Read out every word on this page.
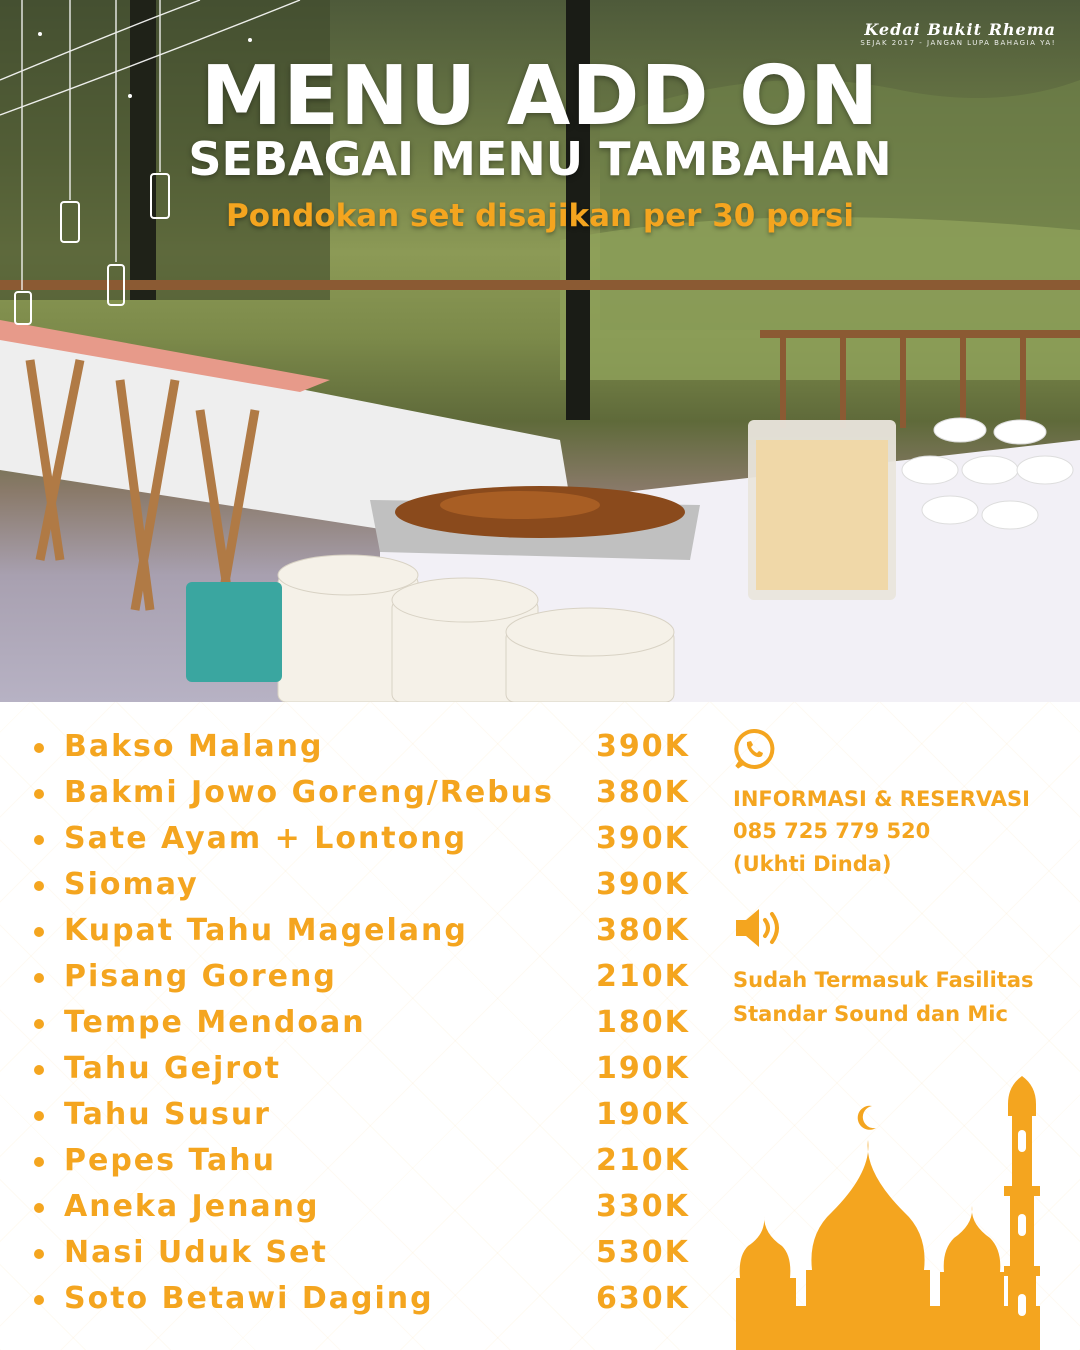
Kedai Bukit Rhema
SEJAK 2017 - JANGAN LUPA BAHAGIA YA!
MENU ADD ON
SEBAGAI MENU TAMBAHAN
Pondokan set disajikan per 30 porsi
Bakso Malang	390K
Bakmi Jowo Goreng/Rebus 380K
Sate Ayam + Lontong	390K
Siomay	390K
Kupat Tahu Magelang	380K
Pisang Goreng	210K
Tempe Mendoan	180K
Tahu Gejrot	190K
Tahu Susur	190K
Pepes Tahu	210K
Aneka Jenang	330K
Nasi Uduk Set	530K
Soto Betawi Daging	630K
INFORMASI & RESERVASI
085 725 779 520
(Ukhti Dinda)
Sudah Termasuk Fasilitas
Standar Sound dan Mic
